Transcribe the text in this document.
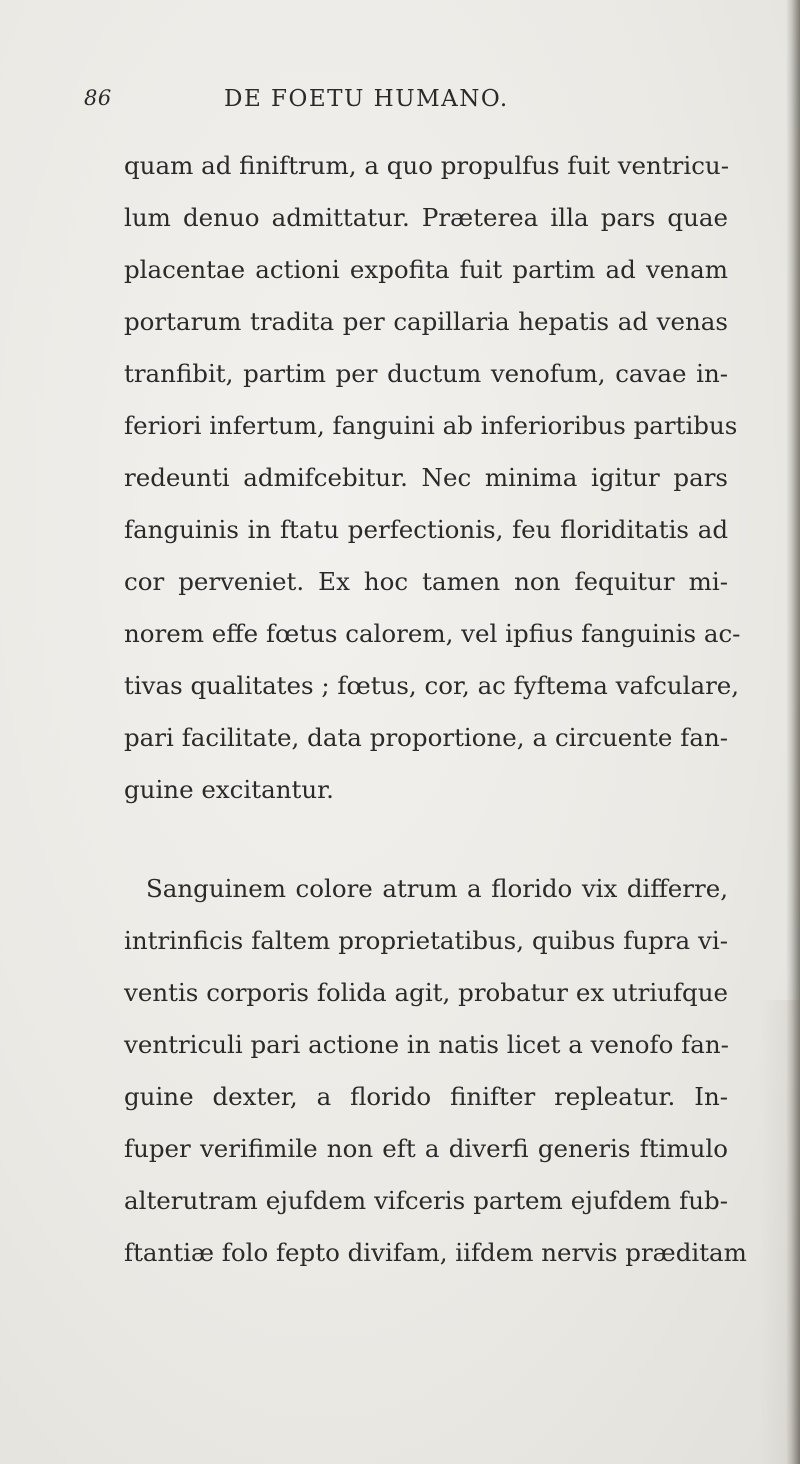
86	DE FOETU HUMANO.
quam ad finiftrum, a quo propulfus fuit ventricu-
lum denuo admittatur. Præterea illa pars quae
placentae actioni expofita fuit partim ad venam
portarum tradita per capillaria hepatis ad venas
tranfibit, partim per ductum venofum, cavae in-
feriori infertum, fanguini ab inferioribus partibus
redeunti admifcebitur. Nec minima igitur pars
fanguinis in ftatu perfectionis, feu floriditatis ad
cor perveniet. Ex hoc tamen non fequitur mi-
norem effe fœtus calorem, vel ipfius fanguinis ac-
tivas qualitates ; fœtus, cor, ac fyftema vafculare,
pari facilitate, data proportione, a circuente fan-
guine excitantur.
Sanguinem colore atrum a florido vix differre,
intrinficis faltem proprietatibus, quibus fupra vi-
ventis corporis folida agit, probatur ex utriufque
ventriculi pari actione in natis licet a venofo fan-
guine dexter, a florido finifter repleatur. In-
fuper verifimile non eft a diverfi generis ftimulo
alterutram ejufdem vifceris partem ejufdem fub-
ftantiæ folo fepto divifam, iifdem nervis præditam
